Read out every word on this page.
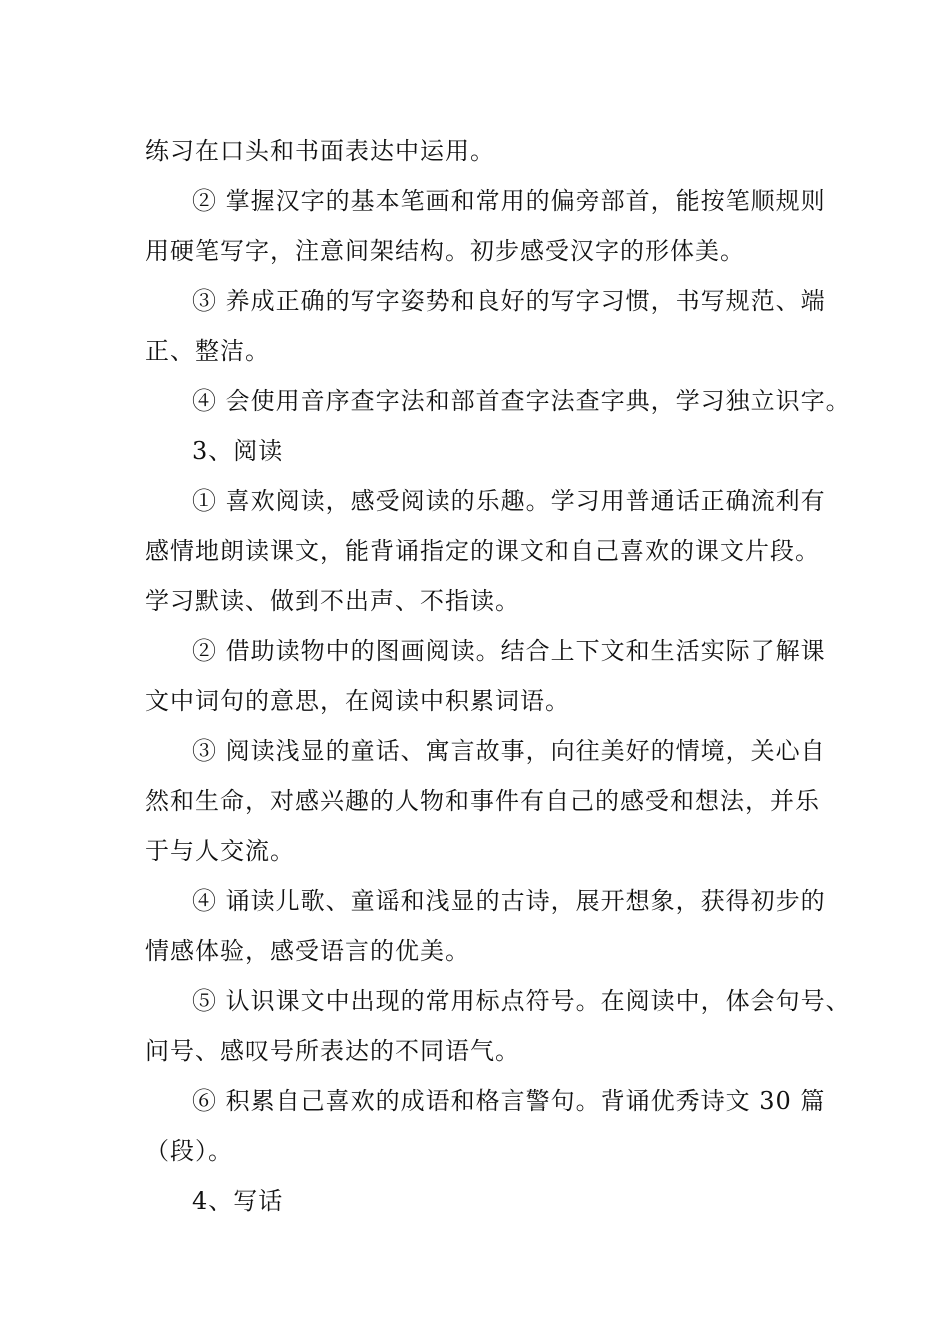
练习在口头和书面表达中运用。
② 掌握汉字的基本笔画和常用的偏旁部首，能按笔顺规则
用硬笔写字，注意间架结构。初步感受汉字的形体美。
③ 养成正确的写字姿势和良好的写字习惯，书写规范、端
正、整洁。
④ 会使用音序查字法和部首查字法查字典，学习独立识字。
3、阅读
① 喜欢阅读，感受阅读的乐趣。学习用普通话正确流利有
感情地朗读课文，能背诵指定的课文和自己喜欢的课文片段。
学习默读、做到不出声、不指读。
② 借助读物中的图画阅读。结合上下文和生活实际了解课
文中词句的意思，在阅读中积累词语。
③ 阅读浅显的童话、寓言故事，向往美好的情境，关心自
然和生命，对感兴趣的人物和事件有自己的感受和想法，并乐
于与人交流。
④ 诵读儿歌、童谣和浅显的古诗，展开想象，获得初步的
情感体验，感受语言的优美。
⑤ 认识课文中出现的常用标点符号。在阅读中，体会句号、
问号、感叹号所表达的不同语气。
⑥ 积累自己喜欢的成语和格言警句。背诵优秀诗文 30 篇
（段）。
4、写话
